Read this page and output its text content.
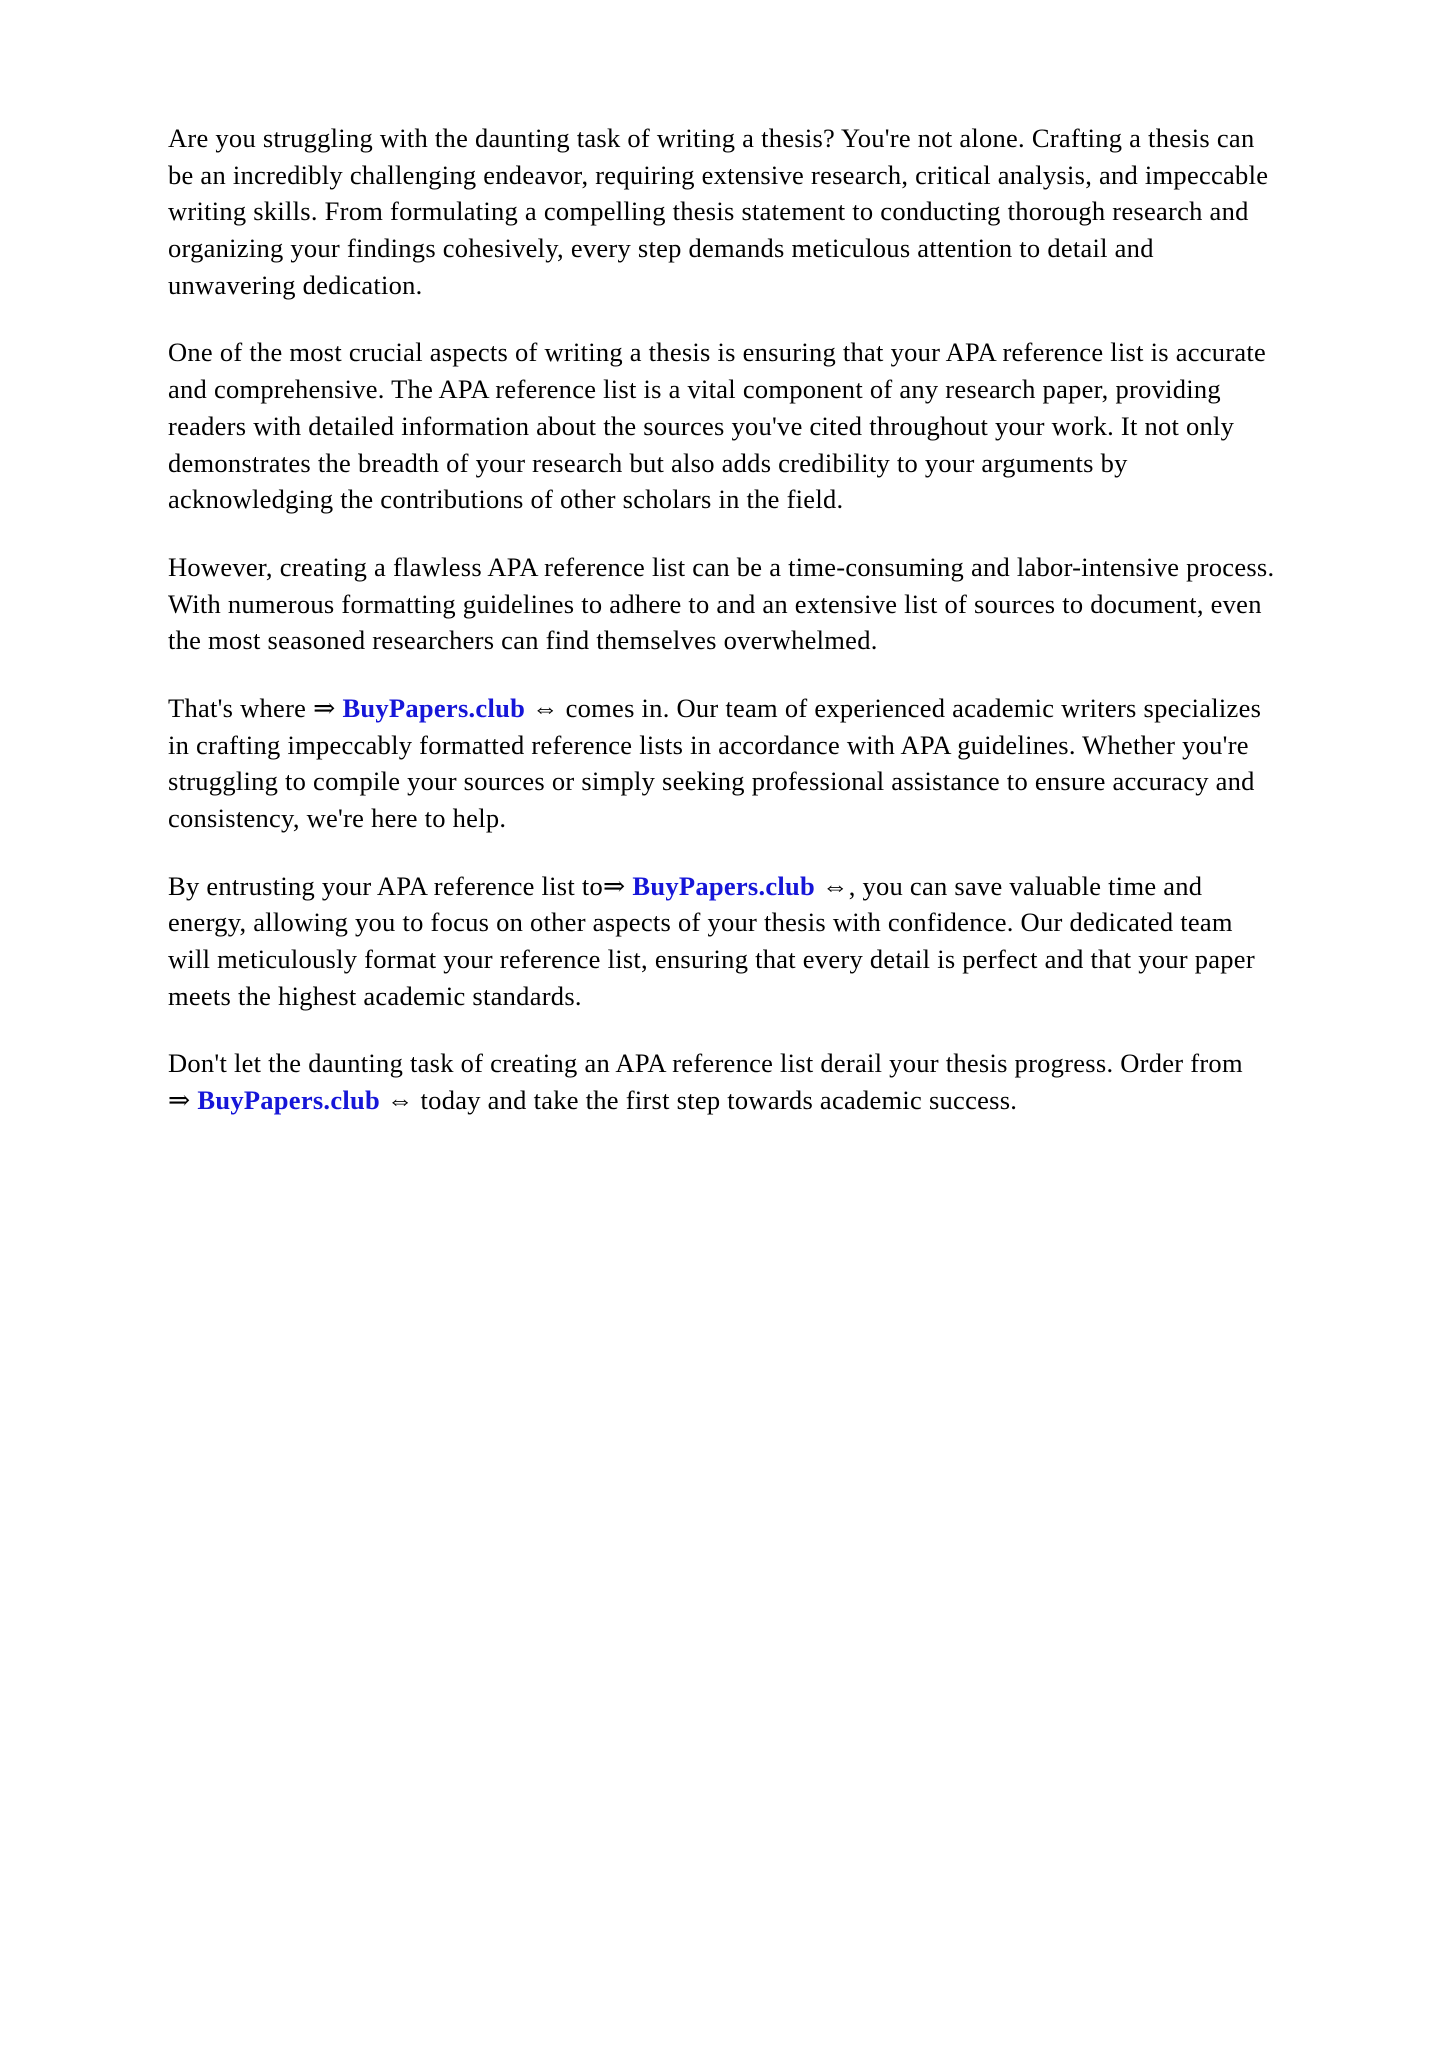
Are you struggling with the daunting task of writing a thesis? You're not alone. Crafting a thesis can be an incredibly challenging endeavor, requiring extensive research, critical analysis, and impeccable writing skills. From formulating a compelling thesis statement to conducting thorough research and organizing your findings cohesively, every step demands meticulous attention to detail and unwavering dedication.

One of the most crucial aspects of writing a thesis is ensuring that your APA reference list is accurate and comprehensive. The APA reference list is a vital component of any research paper, providing readers with detailed information about the sources you've cited throughout your work. It not only demonstrates the breadth of your research but also adds credibility to your arguments by acknowledging the contributions of other scholars in the field.

However, creating a flawless APA reference list can be a time-consuming and labor-intensive process. With numerous formatting guidelines to adhere to and an extensive list of sources to document, even the most seasoned researchers can find themselves overwhelmed.

That's where ⇒ BuyPapers.club ⇔ comes in. Our team of experienced academic writers specializes in crafting impeccably formatted reference lists in accordance with APA guidelines. Whether you're struggling to compile your sources or simply seeking professional assistance to ensure accuracy and consistency, we're here to help.

By entrusting your APA reference list to⇒ BuyPapers.club ⇔, you can save valuable time and energy, allowing you to focus on other aspects of your thesis with confidence. Our dedicated team will meticulously format your reference list, ensuring that every detail is perfect and that your paper meets the highest academic standards.

Don't let the daunting task of creating an APA reference list derail your thesis progress. Order from ⇒ BuyPapers.club ⇔ today and take the first step towards academic success.
